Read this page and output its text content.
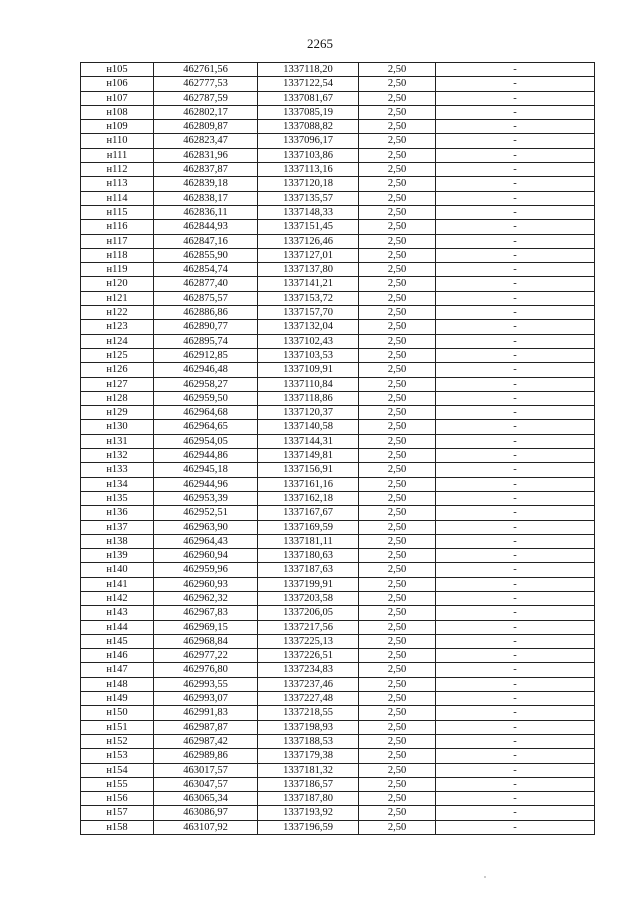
2265
н105	462761,56	1337118,20	2,50	-
н106	462777,53	1337122,54	2,50	-
н107	462787,59	1337081,67	2,50	-
н108	462802,17	1337085,19	2,50	-
н109	462809,87	1337088,82	2,50	-
н110	462823,47	1337096,17	2,50	-
н111	462831,96	1337103,86	2,50	-
н112	462837,87	1337113,16	2,50	-
н113	462839,18	1337120,18	2,50	-
н114	462838,17	1337135,57	2,50	-
н115	462836,11	1337148,33	2,50	-
н116	462844,93	1337151,45	2,50	-
н117	462847,16	1337126,46	2,50	-
н118	462855,90	1337127,01	2,50	-
н119	462854,74	1337137,80	2,50	-
н120	462877,40	1337141,21	2,50	-
н121	462875,57	1337153,72	2,50	-
н122	462886,86	1337157,70	2,50	-
н123	462890,77	1337132,04	2,50	-
н124	462895,74	1337102,43	2,50	-
н125	462912,85	1337103,53	2,50	-
н126	462946,48	1337109,91	2,50	-
н127	462958,27	1337110,84	2,50	-
н128	462959,50	1337118,86	2,50	-
н129	462964,68	1337120,37	2,50	-
н130	462964,65	1337140,58	2,50	-
н131	462954,05	1337144,31	2,50	-
н132	462944,86	1337149,81	2,50	-
н133	462945,18	1337156,91	2,50	-
н134	462944,96	1337161,16	2,50	-
н135	462953,39	1337162,18	2,50	-
н136	462952,51	1337167,67	2,50	-
н137	462963,90	1337169,59	2,50	-
н138	462964,43	1337181,11	2,50	-
н139	462960,94	1337180,63	2,50	-
н140	462959,96	1337187,63	2,50	-
н141	462960,93	1337199,91	2,50	-
н142	462962,32	1337203,58	2,50	-
н143	462967,83	1337206,05	2,50	-
н144	462969,15	1337217,56	2,50	-
н145	462968,84	1337225,13	2,50	-
н146	462977,22	1337226,51	2,50	-
н147	462976,80	1337234,83	2,50	-
н148	462993,55	1337237,46	2,50	-
н149	462993,07	1337227,48	2,50	-
н150	462991,83	1337218,55	2,50	-
н151	462987,87	1337198,93	2,50	-
н152	462987,42	1337188,53	2,50	-
н153	462989,86	1337179,38	2,50	-
н154	463017,57	1337181,32	2,50	-
н155	463047,57	1337186,57	2,50	-
н156	463065,34	1337187,80	2,50	-
н157	463086,97	1337193,92	2,50	-
н158	463107,92	1337196,59	2,50	-
